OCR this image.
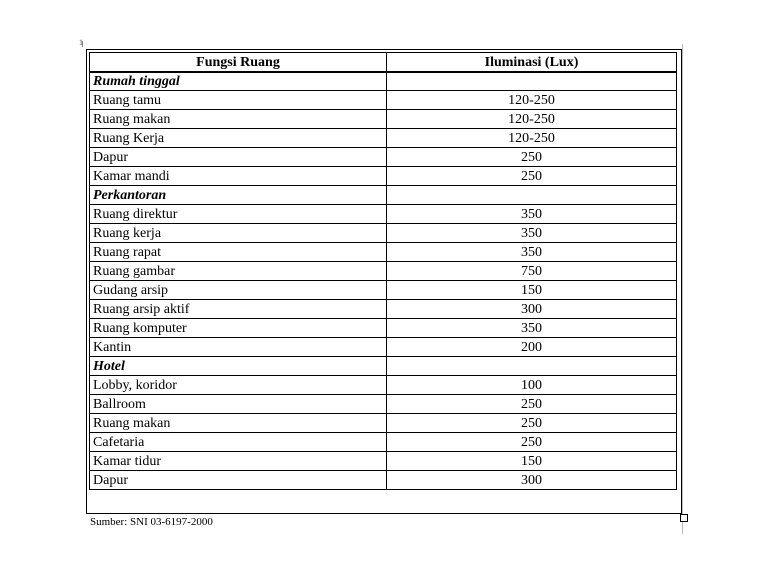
1
Fungsi Ruang	Iluminasi (Lux)
Rumah tinggal	
Ruang tamu	120-250
Ruang makan	120-250
Ruang Kerja	120-250
Dapur	250
Kamar mandi	250
Perkantoran	
Ruang direktur	350
Ruang kerja	350
Ruang rapat	350
Ruang gambar	750
Gudang arsip	150
Ruang arsip aktif	300
Ruang komputer	350
Kantin	200
Hotel	
Lobby, koridor	100
Ballroom	250
Ruang makan	250
Cafetaria	250
Kamar tidur	150
Dapur	300
Sumber: SNI 03-6197-2000
